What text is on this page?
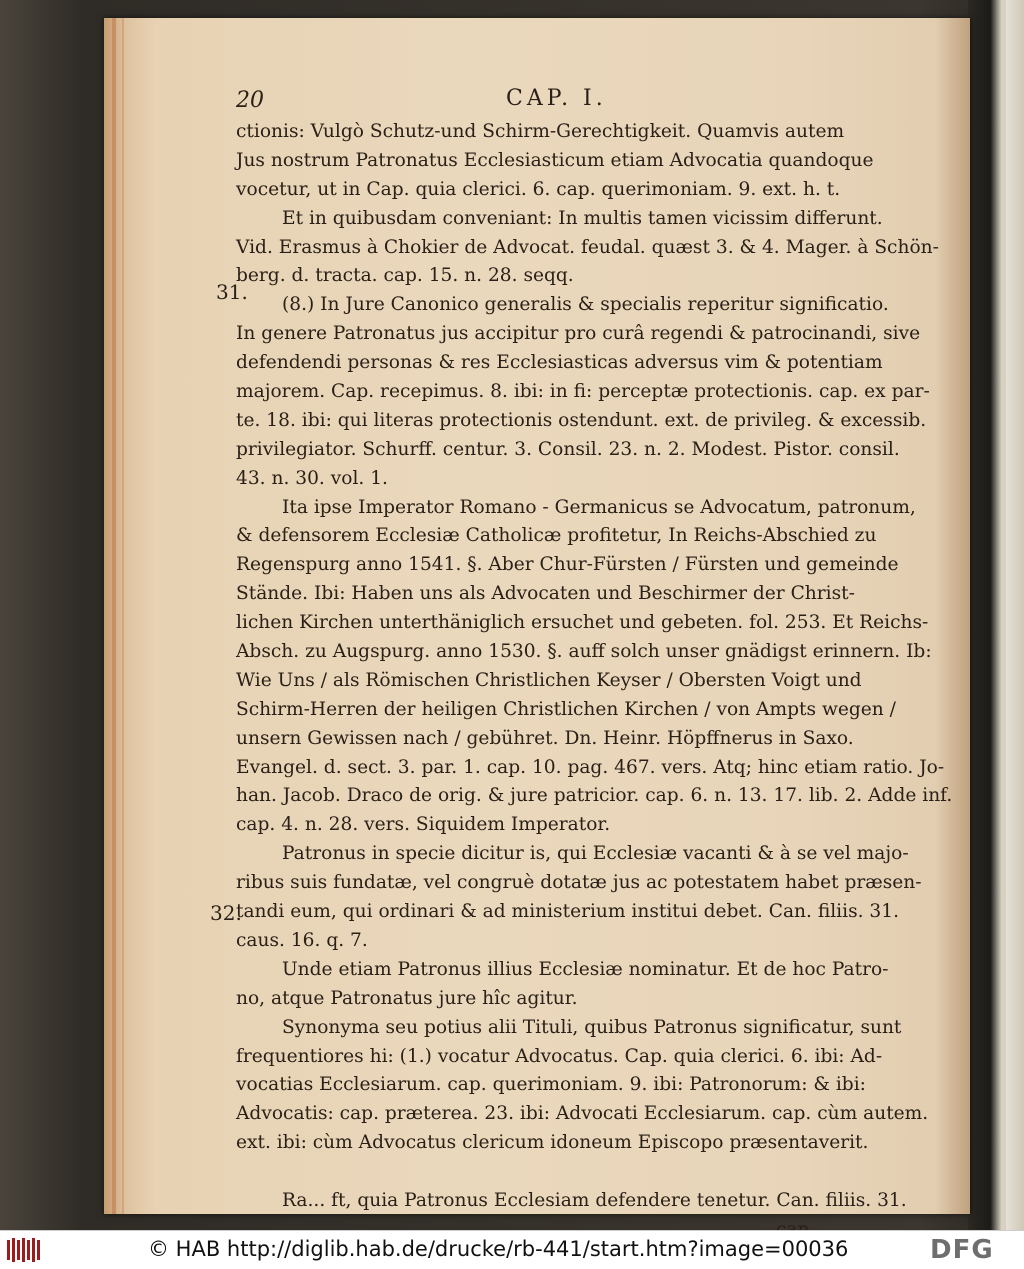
20	CAP. I.
31.
32.
ctionis: Vulgò Schutz-und Schirm-Gerechtigkeit. Quamvis autem
Jus nostrum Patronatus Ecclesiasticum etiam Advocatia quandoque
vocetur, ut in Cap. quia clerici. 6. cap. querimoniam. 9. ext. h. t.
Et in quibusdam conveniant: In multis tamen vicissim differunt.
Vid. Erasmus à Chokier de Advocat. feudal. quæst 3. & 4. Mager. à Schön-
berg. d. tracta. cap. 15. n. 28. seqq.
(8.) In Jure Canonico generalis & specialis reperitur significatio.
In genere Patronatus jus accipitur pro curâ regendi & patrocinandi, sive
defendendi personas & res Ecclesiasticas adversus vim & potentiam
majorem. Cap. recepimus. 8. ibi: in fi: perceptæ protectionis. cap. ex par-
te. 18. ibi: qui literas protectionis ostendunt. ext. de privileg. & excessib.
privilegiator. Schurff. centur. 3. Consil. 23. n. 2. Modest. Pistor. consil.
43. n. 30. vol. 1.
Ita ipse Imperator Romano - Germanicus se Advocatum, patronum,
& defensorem Ecclesiæ Catholicæ profitetur, In Reichs-Abschied zu
Regenspurg anno 1541. §. Aber Chur-Fürsten / Fürsten und gemeinde
Stände. Ibi: Haben uns als Advocaten und Beschirmer der Christ-
lichen Kirchen unterthäniglich ersuchet und gebeten. fol. 253. Et Reichs-
Absch. zu Augspurg. anno 1530. §. auff solch unser gnädigst erinnern. Ib:
Wie Uns / als Römischen Christlichen Keyser / Obersten Voigt und
Schirm-Herren der heiligen Christlichen Kirchen / von Ampts wegen /
unsern Gewissen nach / gebühret. Dn. Heinr. Höpffnerus in Saxo.
Evangel. d. sect. 3. par. 1. cap. 10. pag. 467. vers. Atq; hinc etiam ratio. Jo-
han. Jacob. Draco de orig. & jure patricior. cap. 6. n. 13. 17. lib. 2. Adde inf.
cap. 4. n. 28. vers. Siquidem Imperator.
Patronus in specie dicitur is, qui Ecclesiæ vacanti & à se vel majo-
ribus suis fundatæ, vel congruè dotatæ jus ac potestatem habet præsen-
tandi eum, qui ordinari & ad ministerium institui debet. Can. filiis. 31.
caus. 16. q. 7.
Unde etiam Patronus illius Ecclesiæ nominatur. Et de hoc Patro-
no, atque Patronatus jure hîc agitur.
Synonyma seu potius alii Tituli, quibus Patronus significatur, sunt
frequentiores hi: (1.) vocatur Advocatus. Cap. quia clerici. 6. ibi: Ad-
vocatias Ecclesiarum. cap. querimoniam. 9. ibi: Patronorum: & ibi:
Advocatis: cap. præterea. 23. ibi: Advocati Ecclesiarum. cap. cùm autem.
ext. ibi: cùm Advocatus clericum idoneum Episcopo præsentaverit.
Ra... ft, quia Patronus Ecclesiam defendere tenetur. Can. filiis. 31.
© HAB http://diglib.hab.de/drucke/rb-441/start.htm?image=00036	DFG
